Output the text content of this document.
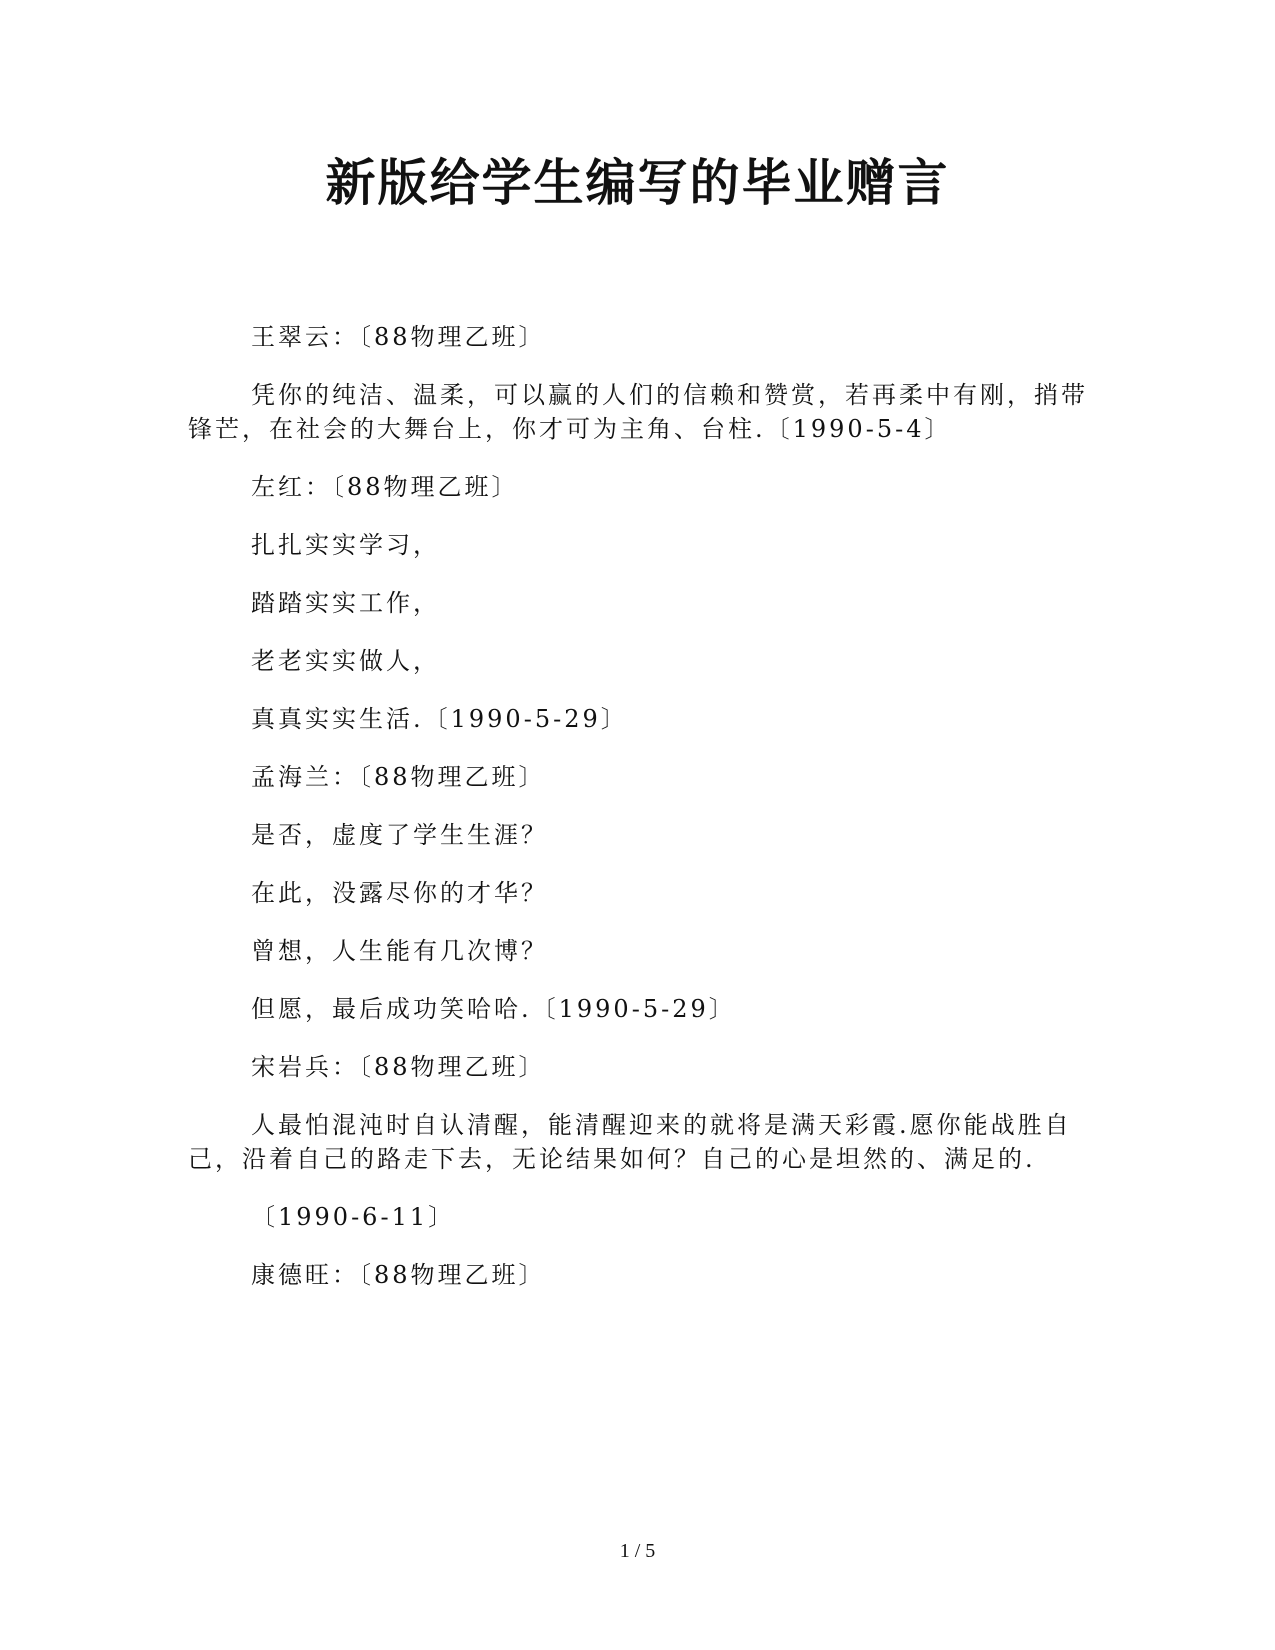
新版给学生编写的毕业赠言

王翠云：〔88物理乙班〕

凭你的纯洁、温柔，可以赢的人们的信赖和赞赏，若再柔中有刚，捎带锋芒，在社会的大舞台上，你才可为主角、台柱.〔1990-5-4〕

左红：〔88物理乙班〕

扎扎实实学习，

踏踏实实工作，

老老实实做人，

真真实实生活.〔1990-5-29〕

孟海兰：〔88物理乙班〕

是否，虚度了学生生涯？

在此，没露尽你的才华？

曾想，人生能有几次博？

但愿，最后成功笑哈哈.〔1990-5-29〕

宋岩兵：〔88物理乙班〕

人最怕混沌时自认清醒，能清醒迎来的就将是满天彩霞.愿你能战胜自己，沿着自己的路走下去，无论结果如何？自己的心是坦然的、满足的.

〔1990-6-11〕

康德旺：〔88物理乙班〕

1 / 5
